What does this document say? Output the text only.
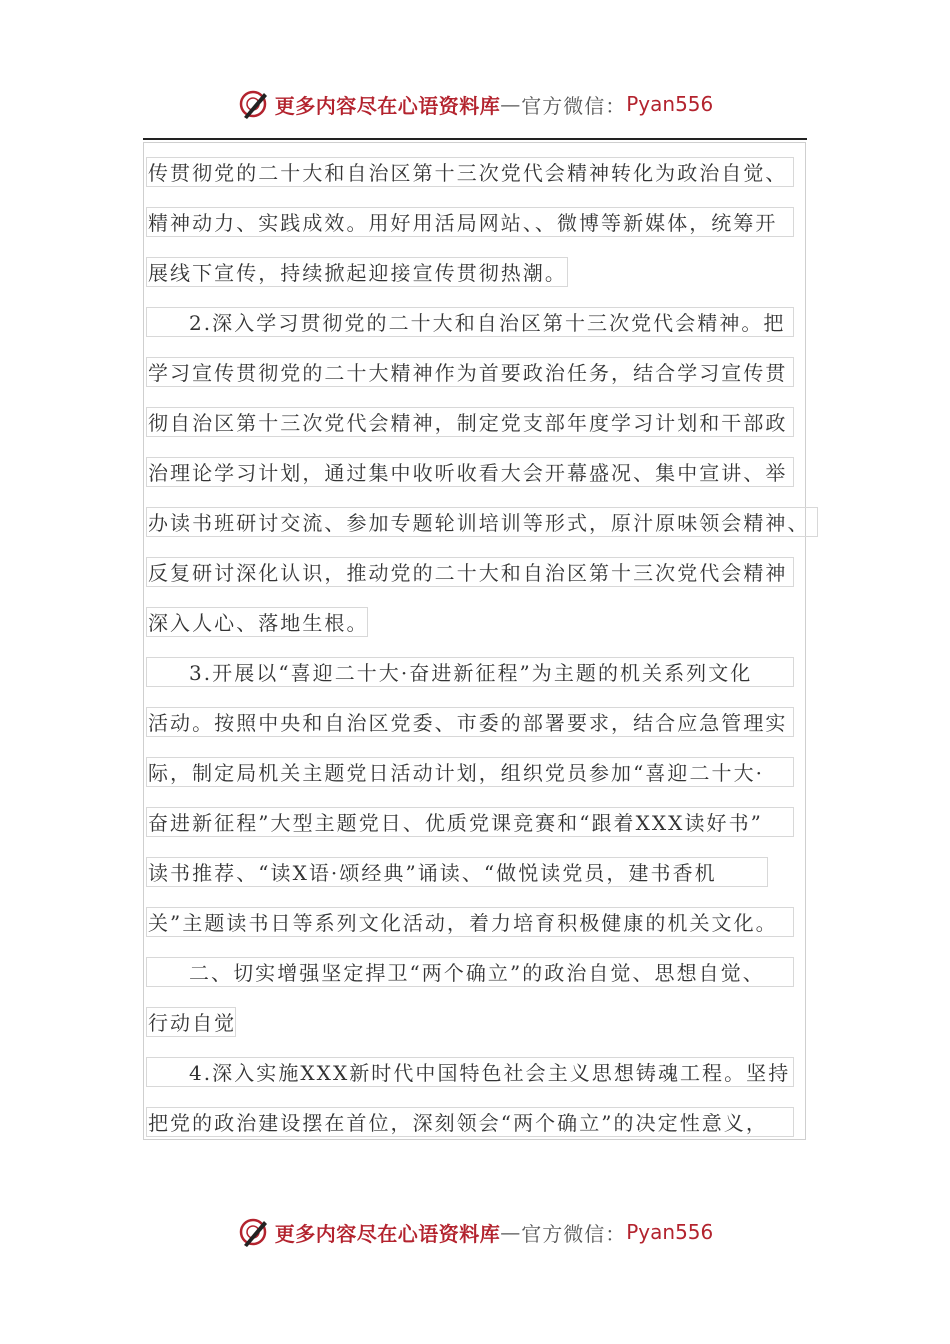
更多内容尽在心语资料库 — 官方微信： Pyan556
传贯彻党的二十大和自治区第十三次党代会精神转化为政治自觉、
精神动力、实践成效。用好用活局网站、、微博等新媒体，统筹开
展线下宣传，持续掀起迎接宣传贯彻热潮。
2.深入学习贯彻党的二十大和自治区第十三次党代会精神。把
学习宣传贯彻党的二十大精神作为首要政治任务，结合学习宣传贯
彻自治区第十三次党代会精神，制定党支部年度学习计划和干部政
治理论学习计划，通过集中收听收看大会开幕盛况、集中宣讲、举
办读书班研讨交流、参加专题轮训培训等形式，原汁原味领会精神、
反复研讨深化认识，推动党的二十大和自治区第十三次党代会精神
深入人心、落地生根。
3.开展以“喜迎二十大·奋进新征程”为主题的机关系列文化
活动。按照中央和自治区党委、市委的部署要求，结合应急管理实
际，制定局机关主题党日活动计划，组织党员参加“喜迎二十大·
奋进新征程”大型主题党日、优质党课竞赛和“跟着XXX读好书”
读书推荐、“读X语·颂经典”诵读、“做悦读党员，建书香机
关”主题读书日等系列文化活动，着力培育积极健康的机关文化。
二、切实增强坚定捍卫“两个确立”的政治自觉、思想自觉、
行动自觉
4.深入实施XXX新时代中国特色社会主义思想铸魂工程。坚持
把党的政治建设摆在首位，深刻领会“两个确立”的决定性意义，
更多内容尽在心语资料库 — 官方微信： Pyan556
